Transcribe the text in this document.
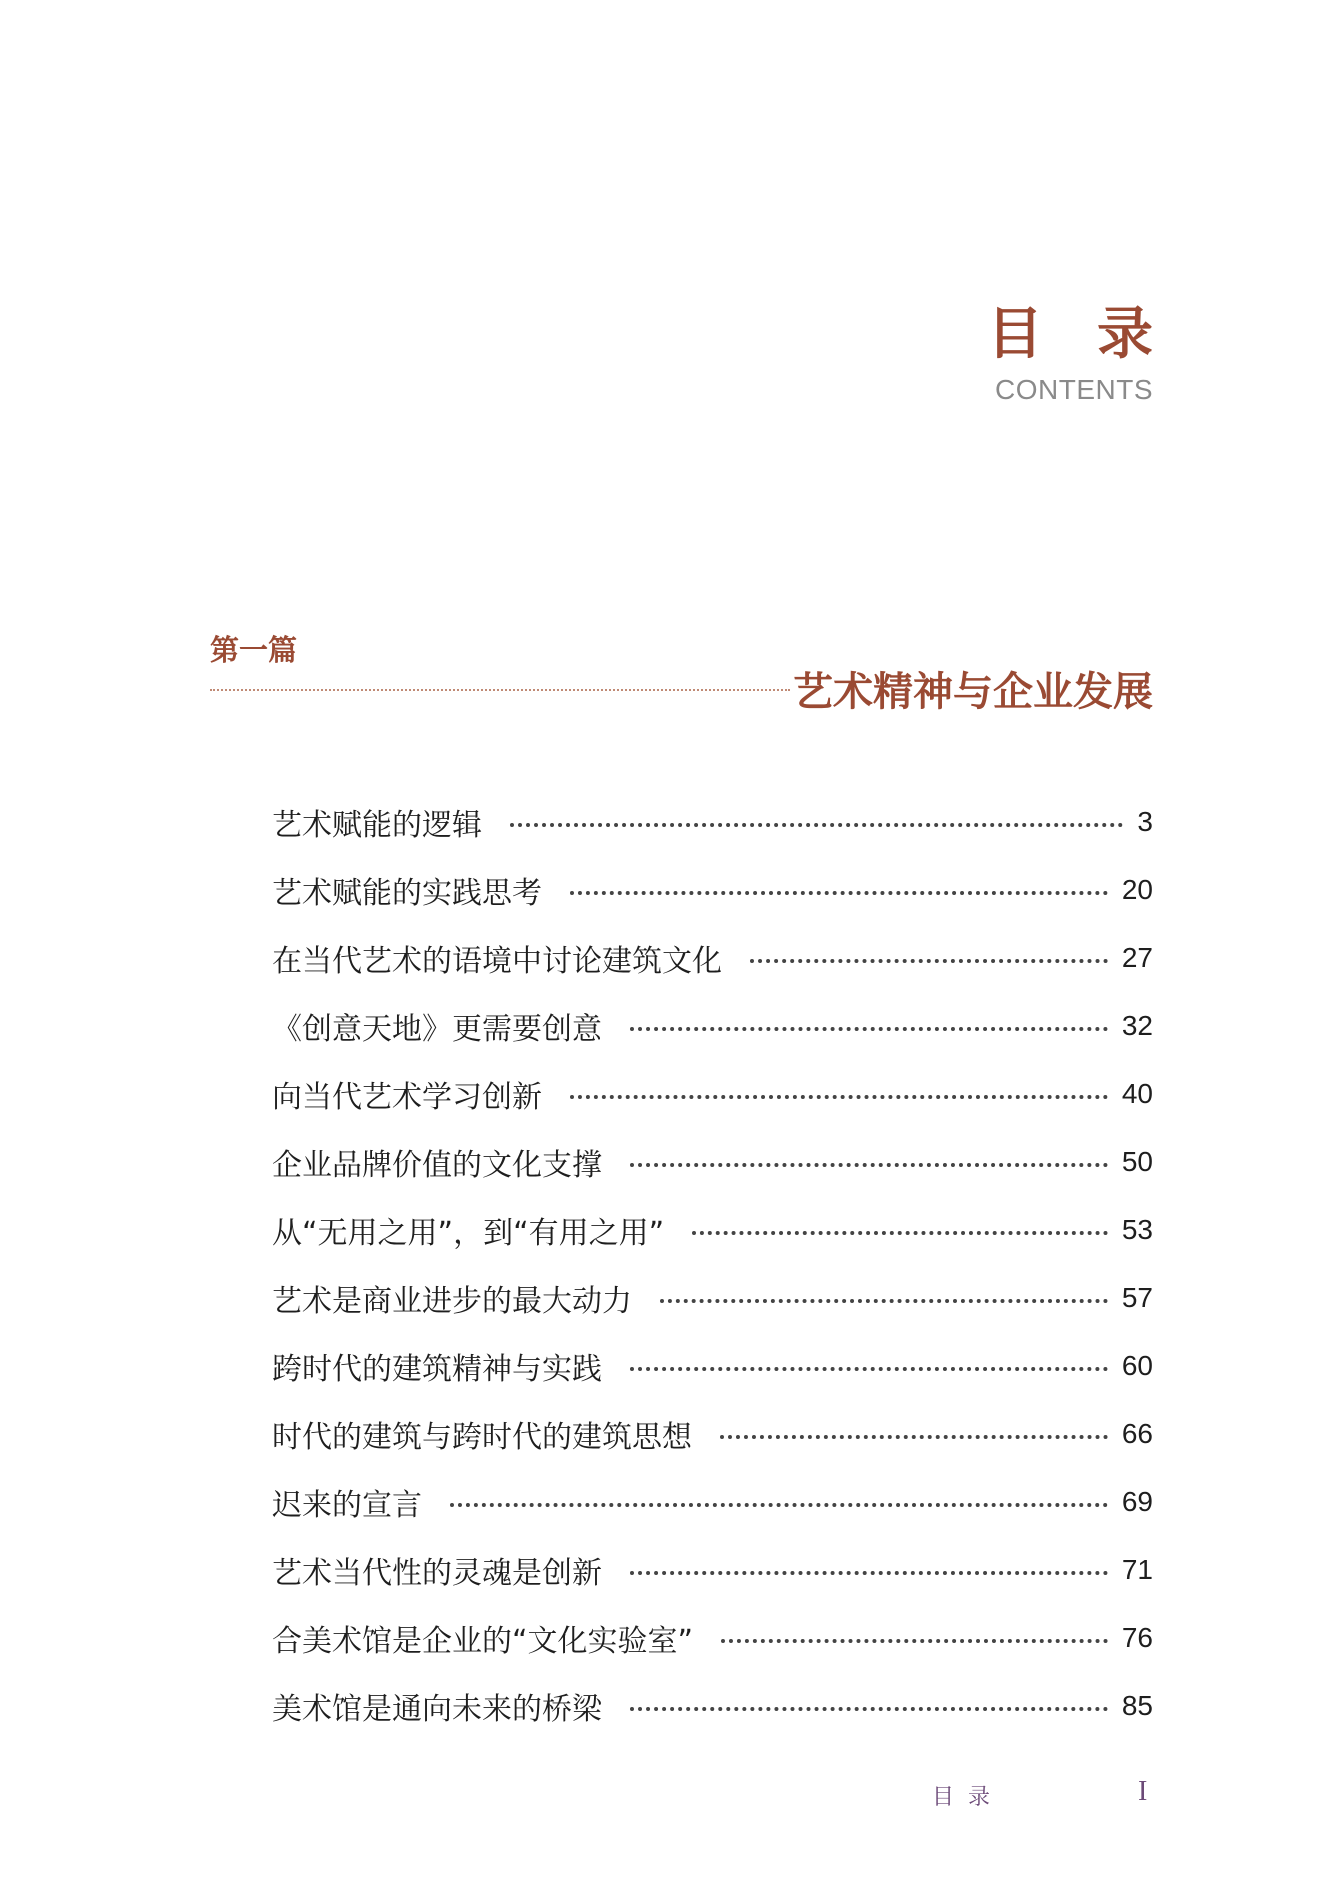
目录
CONTENTS
第一篇
艺术精神与企业发展
艺术赋能的逻辑	3
艺术赋能的实践思考	20
在当代艺术的语境中讨论建筑文化	27
《创意天地》更需要创意	32
向当代艺术学习创新	40
企业品牌价值的文化支撑	50
从“无用之用”，到“有用之用”	53
艺术是商业进步的最大动力	57
跨时代的建筑精神与实践	60
时代的建筑与跨时代的建筑思想	66
迟来的宣言	69
艺术当代性的灵魂是创新	71
合美术馆是企业的“文化实验室”	76
美术馆是通向未来的桥梁	85
目录	I
